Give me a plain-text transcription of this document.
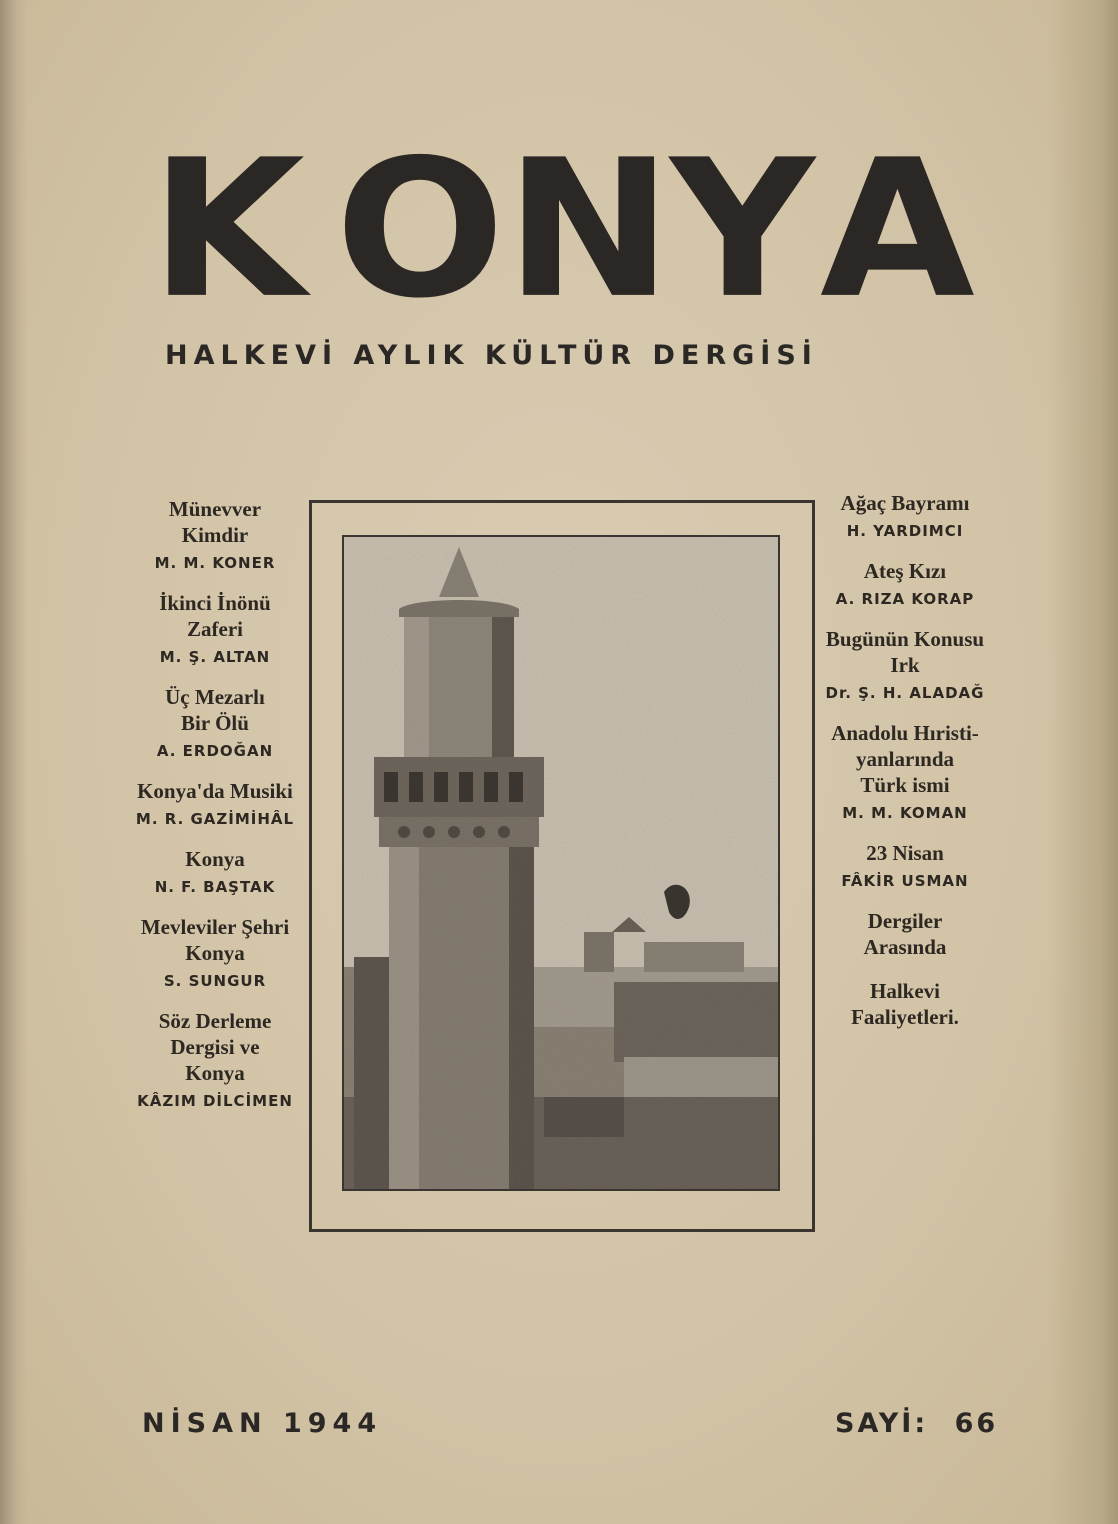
K O N
Y A
HALKEVİ AYLIK KÜLTÜR DERGİSİ
Münevver
Kimdir
M. M. KONER
İkinci İnönü
Zaferi
M. Ş. ALTAN
Üç Mezarlı
Bir Ölü
A. ERDOĞAN
Konya'da Musiki
M. R. GAZİMİHÂL
Konya
N. F. BAŞTAK
Mevleviler Şehri
Konya
S. SUNGUR
Söz Derleme
Dergisi ve
Konya
KÂZIM DİLCİMEN
Ağaç Bayramı
H. YARDIMCI
Ateş Kızı
A. RIZA KORAP
Bugünün Konusu
Irk
Dr. Ş. H. ALADAĞ
Anadolu Hıristi-
yanlarında
Türk ismi
M. M. KOMAN
23 Nisan
FÂKİR USMAN
Dergiler
Arasında
Halkevi
Faaliyetleri.
NİSAN 1944	SAYİ: 66
